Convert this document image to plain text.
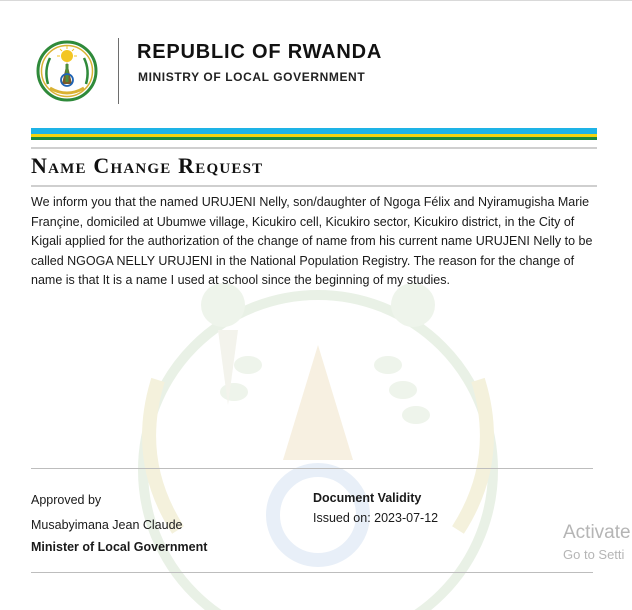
REPUBLIC OF RWANDA
MINISTRY OF LOCAL GOVERNMENT
Name Change Request
We inform you that the named URUJENI Nelly, son/daughter of Ngoga Félix and Nyiramugisha Marie Françine, domiciled at Ubumwe village, Kicukiro cell, Kicukiro sector, Kicukiro district, in the City of Kigali applied for the authorization of the change of name from his current name URUJENI Nelly to be called NGOGA NELLY URUJENI in the National Population Registry. The reason for the change of name is that It is a name I used at school since the beginning of my studies.
Approved by
Musabyimana Jean Claude
Minister of Local Government
Document Validity
Issued on: 2023-07-12
Activate
Go to Setti
